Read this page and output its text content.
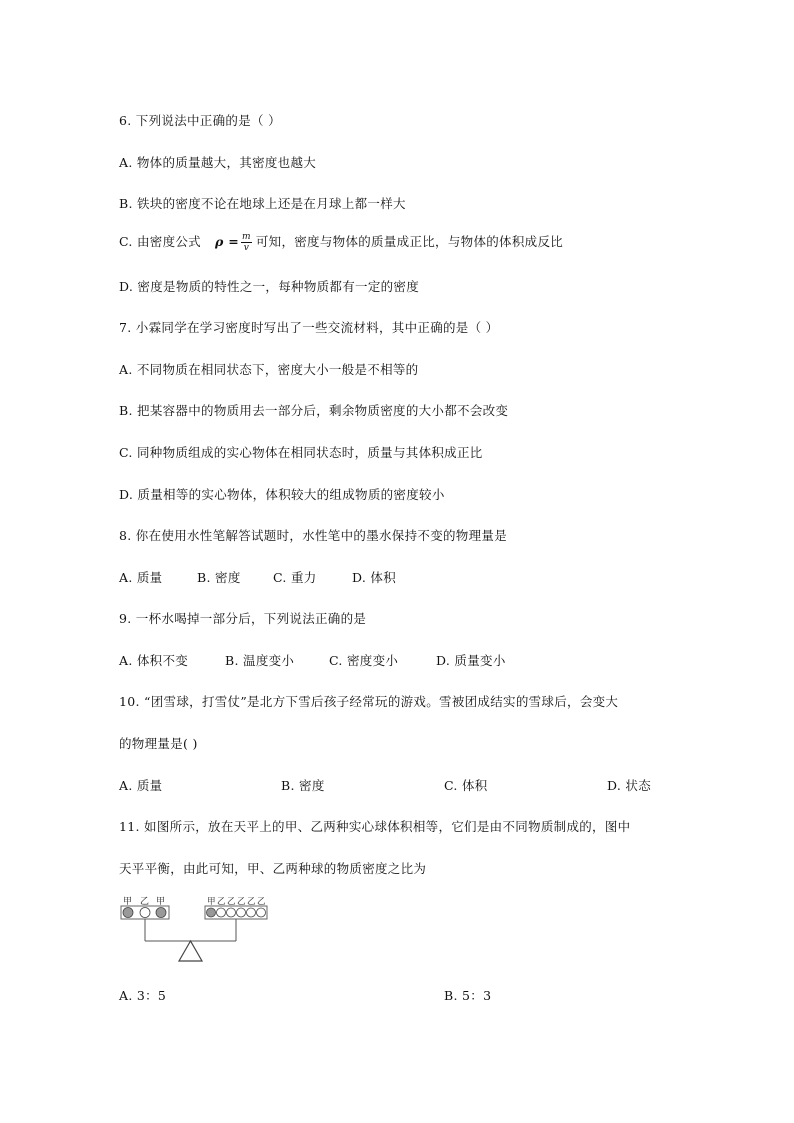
6. 下列说法中正确的是（ ）
A. 物体的质量越大，其密度也越大
B. 铁块的密度不论在地球上还是在月球上都一样大
C. 由密度公式 $\rho = \frac{m}{v}$ 可知，密度与物体的质量成正比，与物体的体积成反比
D. 密度是物质的特性之一，每种物质都有一定的密度
7. 小霖同学在学习密度时写出了一些交流材料，其中正确的是（ ）
A. 不同物质在相同状态下，密度大小一般是不相等的
B. 把某容器中的物质用去一部分后，剩余物质密度的大小都不会改变
C. 同种物质组成的实心物体在相同状态时，质量与其体积成正比
D. 质量相等的实心物体，体积较大的组成物质的密度较小
8. 你在使用水性笔解答试题时，水性笔中的墨水保持不变的物理量是
A. 质量	B. 密度	C. 重力	D. 体积
9. 一杯水喝掉一部分后，下列说法正确的是
A. 体积不变	B. 温度变小	C. 密度变小	D. 质量变小
10. “团雪球，打雪仗”是北方下雪后孩子经常玩的游戏。雪被团成结实的雪球后，会变大
的物理量是( )
A. 质量	B. 密度	C. 体积	D. 状态
11. 如图所示，放在天平上的甲、乙两种实心球体积相等，它们是由不同物质制成的，图中
天平平衡，由此可知，甲、乙两种球的物质密度之比为
甲 乙 甲	甲 乙 乙 乙 乙 乙
A. 3：5	B. 5：3
